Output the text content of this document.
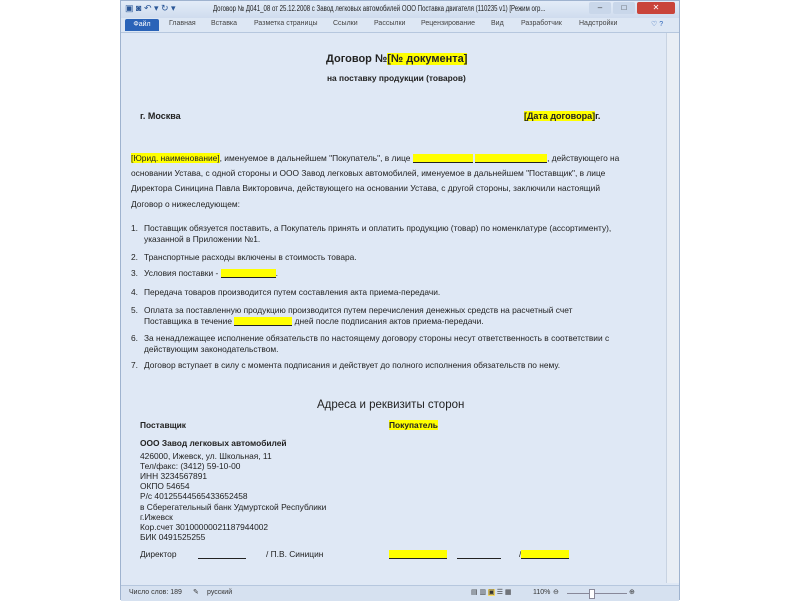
▣ ◙ ↶ ▾ ↻ ▾	Договор № Д041_08 от 25.12.2008 с Завод легковых автомобилей ООО Поставка двигателя (110235 v1) [Режим огр...	–	□	✕
Файл	Главная Вставка Разметка страницы Ссылки Рассылки Рецензирование Вид Разработчик Надстройки	♡ ?
Число слов: 189 ✎ русский	▤ ▥ ▣ ☰ ▦	110% ⊖	⊕
Договор №[№ документа]
на поставку продукции (товаров)
г. Москва	[Дата договора]г.
[Юрид. наименование], именуемое в дальнейшем "Покупатель", в лице	, действующего на
основании Устава, с одной стороны и ООО Завод легковых автомобилей, именуемое в дальнейшем "Поставщик", в лице
Директора Синицина Павла Викторовича, действующего на основании Устава, с другой стороны, заключили настоящий
Договор о нижеследующем:
1. Поставщик обязуется поставить, а Покупатель принять и оплатить продукцию (товар) по номенклатуре (ассортименту),
указанной в Приложении №1.
2. Транспортные расходы включены в стоимость товара.
3. Условия поставки -	.
4. Передача товаров производится путем составления акта приема-передачи.
5. Оплата за поставленную продукцию производится путем перечисления денежных средств на расчетный счет
Поставщика в течение	дней после подписания актов приема-передачи.
6. За ненадлежащее исполнение обязательств по настоящему договору стороны несут ответственность в соответствии с
действующим законодательством.
7. Договор вступает в силу с момента подписания и действует до полного исполнения обязательств по нему.
Адреса и реквизиты сторон
Поставщик	Покупатель
ООО Завод легковых автомобилей
426000, Ижевск, ул. Школьная, 11
Тел/факс: (3412) 59-10-00
ИНН 3234567891
ОКПО 54654
Р/с 40125544565433652458
в Сберегательный банк Удмуртской Республики
г.Ижевск
Кор.счет 30100000021187944002
БИК 0491525255
Директор	/ П.В. Синицин	/
